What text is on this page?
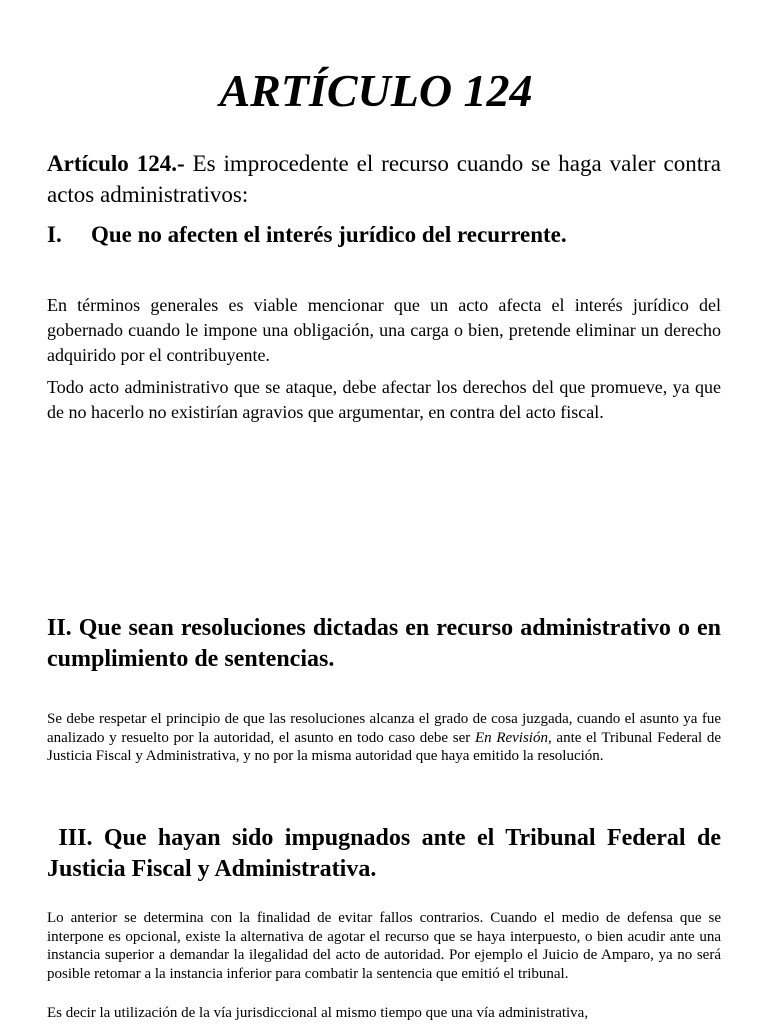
ARTÍCULO 124

Artículo 124.- Es improcedente el recurso cuando se haga valer contra actos administrativos:

I. Que no afecten el interés jurídico del recurrente.

En términos generales es viable mencionar que un acto afecta el interés jurídico del gobernado cuando le impone una obligación, una carga o bien, pretende eliminar un derecho adquirido por el contribuyente.

Todo acto administrativo que se ataque, debe afectar los derechos del que promueve, ya que de no hacerlo no existirían agravios que argumentar, en contra del acto fiscal.

II. Que sean resoluciones dictadas en recurso administrativo o en cumplimiento de sentencias.

Se debe respetar el principio de que las resoluciones alcanza el grado de cosa juzgada, cuando el asunto ya fue analizado y resuelto por la autoridad, el asunto en todo caso debe ser En Revisión, ante el Tribunal Federal de Justicia Fiscal y Administrativa, y no por la misma autoridad que haya emitido la resolución.

III. Que hayan sido impugnados ante el Tribunal Federal de Justicia Fiscal y Administrativa.

Lo anterior se determina con la finalidad de evitar fallos contrarios. Cuando el medio de defensa que se interpone es opcional, existe la alternativa de agotar el recurso que se haya interpuesto, o bien acudir ante una instancia superior a demandar la ilegalidad del acto de autoridad. Por ejemplo el Juicio de Amparo, ya no será posible retomar a la instancia inferior para combatir la sentencia que emitió el tribunal.

Es decir la utilización de la vía jurisdiccional al mismo tiempo que una vía administrativa,
